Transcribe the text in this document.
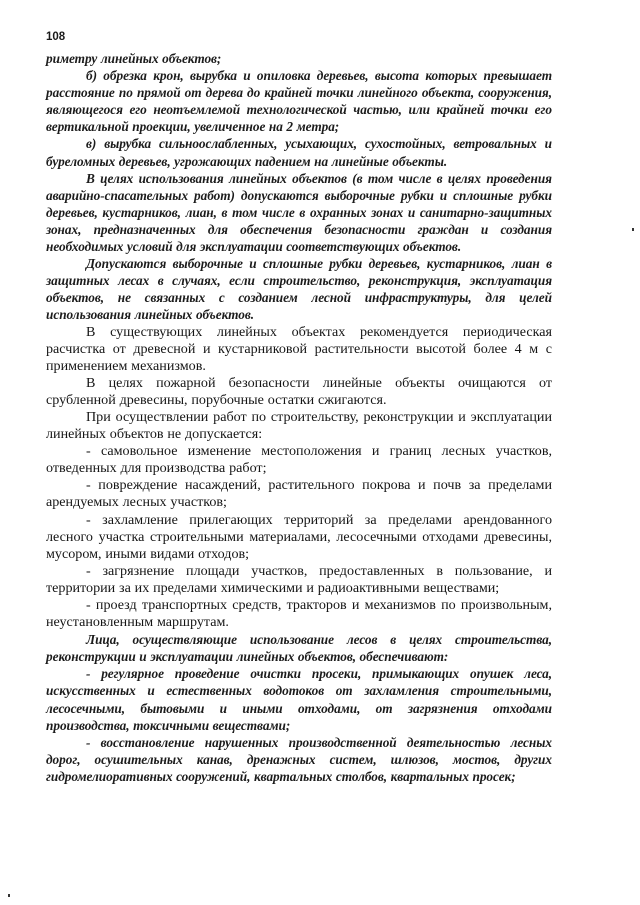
108

риметру линейных объектов;

б) обрезка крон, вырубка и опиловка деревьев, высота которых превышает расстояние по прямой от дерева до крайней точки линейного объекта, сооружения, являющегося его неотъемлемой технологической частью, или крайней точки его вертикальной проекции, увеличенное на 2 метра;

в) вырубка сильноослабленных, усыхающих, сухостойных, ветровальных и буреломных деревьев, угрожающих падением на линейные объекты.

В целях использования линейных объектов (в том числе в целях проведения аварийно-спасательных работ) допускаются выборочные рубки и сплошные рубки деревьев, кустарников, лиан, в том числе в охранных зонах и санитарно-защитных зонах, предназначенных для обеспечения безопасности граждан и создания необходимых условий для эксплуатации соответствующих объектов.

Допускаются выборочные и сплошные рубки деревьев, кустарников, лиан в защитных лесах в случаях, если строительство, реконструкция, эксплуатация объектов, не связанных с созданием лесной инфраструктуры, для целей использования линейных объектов.

В существующих линейных объектах рекомендуется периодическая расчистка от древесной и кустарниковой растительности высотой более 4 м с применением механизмов.

В целях пожарной безопасности линейные объекты очищаются от срубленной древесины, порубочные остатки сжигаются.

При осуществлении работ по строительству, реконструкции и эксплуатации линейных объектов не допускается:

- самовольное изменение местоположения и границ лесных участков, отведенных для производства работ;

- повреждение насаждений, растительного покрова и почв за пределами арендуемых лесных участков;

- захламление прилегающих территорий за пределами арендованного лесного участка строительными материалами, лесосечными отходами древесины, мусором, иными видами отходов;

- загрязнение площади участков, предоставленных в пользование, и территории за их пределами химическими и радиоактивными веществами;

- проезд транспортных средств, тракторов и механизмов по произвольным, неустановленным маршрутам.

Лица, осуществляющие использование лесов в целях строительства, реконструкции и эксплуатации линейных объектов, обеспечивают:

- регулярное проведение очистки просеки, примыкающих опушек леса, искусственных и естественных водотоков от захламления строительными, лесосечными, бытовыми и иными отходами, от загрязнения отходами производства, токсичными веществами;

- восстановление нарушенных производственной деятельностью лесных дорог, осушительных канав, дренажных систем, шлюзов, мостов, других гидромелиоративных сооружений, квартальных столбов, квартальных просек;
